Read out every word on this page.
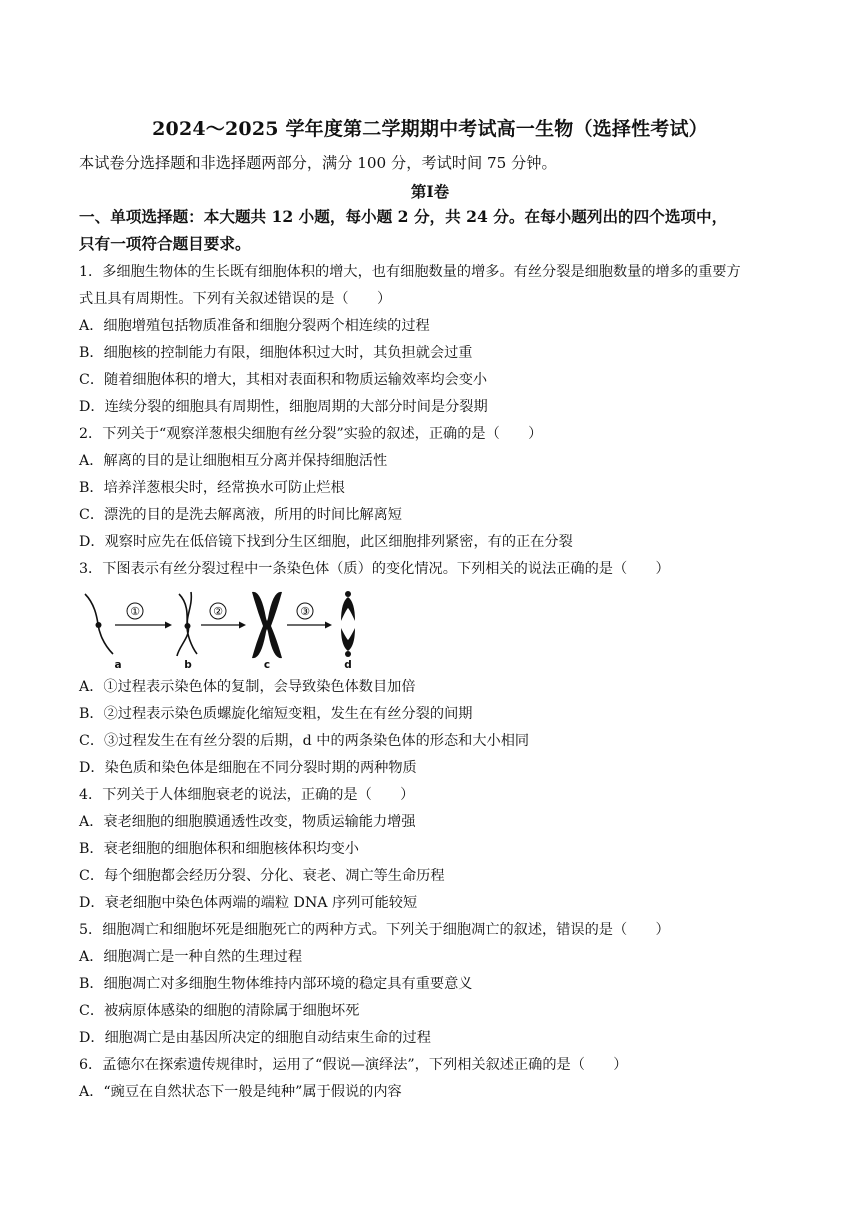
2024～2025 学年度第二学期期中考试高一生物（选择性考试）
本试卷分选择题和非选择题两部分，满分 100 分，考试时间 75 分钟。
第Ⅰ卷
一、单项选择题：本大题共 12 小题，每小题 2 分，共 24 分。在每小题列出的四个选项中，
只有一项符合题目要求。
1．多细胞生物体的生长既有细胞体积的增大，也有细胞数量的增多。有丝分裂是细胞数量的增多的重要方
式且具有周期性。下列有关叙述错误的是（　　）
A．细胞增殖包括物质准备和细胞分裂两个相连续的过程
B．细胞核的控制能力有限，细胞体积过大时，其负担就会过重
C．随着细胞体积的增大，其相对表面积和物质运输效率均会变小
D．连续分裂的细胞具有周期性，细胞周期的大部分时间是分裂期
2．下列关于“观察洋葱根尖细胞有丝分裂”实验的叙述，正确的是（　　）
A．解离的目的是让细胞相互分离并保持细胞活性
B．培养洋葱根尖时，经常换水可防止烂根
C．漂洗的目的是洗去解离液，所用的时间比解离短
D．观察时应先在低倍镜下找到分生区细胞，此区细胞排列紧密，有的正在分裂
3．下图表示有丝分裂过程中一条染色体（质）的变化情况。下列相关的说法正确的是（　　）
①	②	③
a	b	c	d
A．①过程表示染色体的复制，会导致染色体数目加倍
B．②过程表示染色质螺旋化缩短变粗，发生在有丝分裂的间期
C．③过程发生在有丝分裂的后期，d 中的两条染色体的形态和大小相同
D．染色质和染色体是细胞在不同分裂时期的两种物质
4．下列关于人体细胞衰老的说法，正确的是（　　）
A．衰老细胞的细胞膜通透性改变，物质运输能力增强
B．衰老细胞的细胞体积和细胞核体积均变小
C．每个细胞都会经历分裂、分化、衰老、凋亡等生命历程
D．衰老细胞中染色体两端的端粒 DNA 序列可能较短
5．细胞凋亡和细胞坏死是细胞死亡的两种方式。下列关于细胞凋亡的叙述，错误的是（　　）
A．细胞凋亡是一种自然的生理过程
B．细胞凋亡对多细胞生物体维持内部环境的稳定具有重要意义
C．被病原体感染的细胞的清除属于细胞坏死
D．细胞凋亡是由基因所决定的细胞自动结束生命的过程
6．孟德尔在探索遗传规律时，运用了“假说—演绎法”，下列相关叙述正确的是（　　）
A．“豌豆在自然状态下一般是纯种”属于假说的内容
